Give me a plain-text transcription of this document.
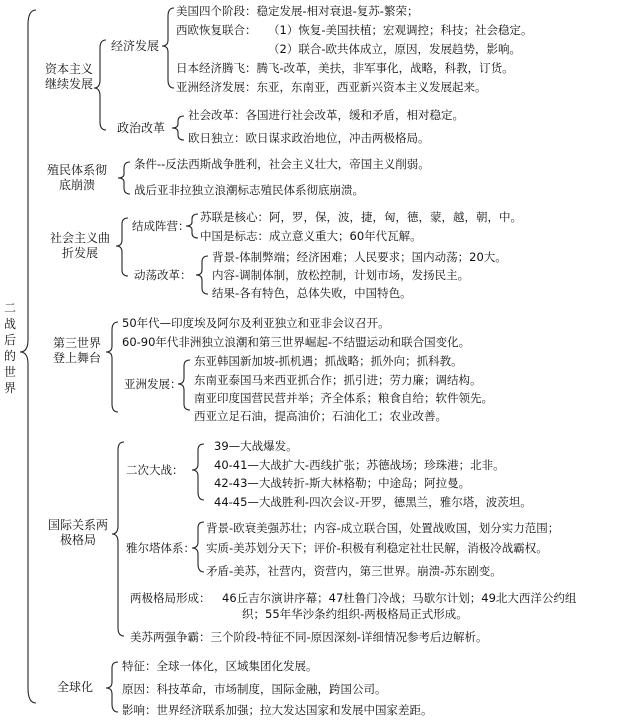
二战后的世界
资本主义继续发展
经济发展
美国四个阶段：稳定发展-相对衰退-复苏-繁荣；
西欧恢复联合： （1）恢复-美国扶植；宏观调控；科技；社会稳定。
（2）联合-欧共体成立，原因，发展趋势，影响。
日本经济腾飞：腾飞-改革，美扶，非军事化，战略，科教，订货。
亚洲经济发展：东亚，东南亚，西亚新兴资本主义发展起来。
政治改革
社会改革：各国进行社会改革，缓和矛盾，相对稳定。
欧日独立：欧日谋求政治地位，冲击两极格局。
殖民体系彻底崩溃
条件--反法西斯战争胜利，社会主义壮大，帝国主义削弱。
战后亚非拉独立浪潮标志殖民体系彻底崩溃。
社会主义曲折发展
结成阵营：
苏联是核心：阿，罗，保，波，捷，匈，德，蒙，越，朝，中。
中国是标志：成立意义重大；60年代瓦解。
动荡改革：
背景-体制弊端；经济困难；人民要求；国内动荡；20大。
内容-调制体制，放松控制，计划市场，发扬民主。
结果-各有特色，总体失败，中国特色。
第三世界登上舞台
50年代—印度埃及阿尔及利亚独立和亚非会议召开。
60-90年代非洲独立浪潮和第三世界崛起-不结盟运动和联合国变化。
亚洲发展：
东亚韩国新加坡-抓机遇；抓战略；抓外向；抓科教。
东南亚泰国马来西亚抓合作；抓引进；劳力廉；调结构。
南亚印度国营民营并举；齐全体系；粮食自给；软件领先。
西亚立足石油，提高油价；石油化工；农业改善。
国际关系两极格局
二次大战：
39—大战爆发。
40-41—大战扩大-西线扩张；苏德战场；珍珠港；北非。
42-43—大战转折-斯大林格勒；中途岛；阿拉曼。
44-45—大战胜利-四次会议-开罗，德黑兰，雅尔塔，波茨坦。
雅尔塔体系：
背景-欧衰美强苏壮；内容-成立联合国，处置战败国，划分实力范围；
实质-美苏划分天下；评价-积极有利稳定社壮民解，消极冷战霸权。
矛盾-美苏，社营内，资营内，第三世界。崩溃-苏东剧变。
两极格局形成： 46丘吉尔演讲序幕；47杜鲁门冷战；马歇尔计划；49北大西洋公约组
织；55年华沙条约组织-两极格局正式形成。
美苏两强争霸：三个阶段-特征不同-原因深刻-详细情况参考后边解析。
全球化
特征：全球一体化，区域集团化发展。
原因：科技革命，市场制度，国际金融，跨国公司。
影响：世界经济联系加强；拉大发达国家和发展中国家差距。
